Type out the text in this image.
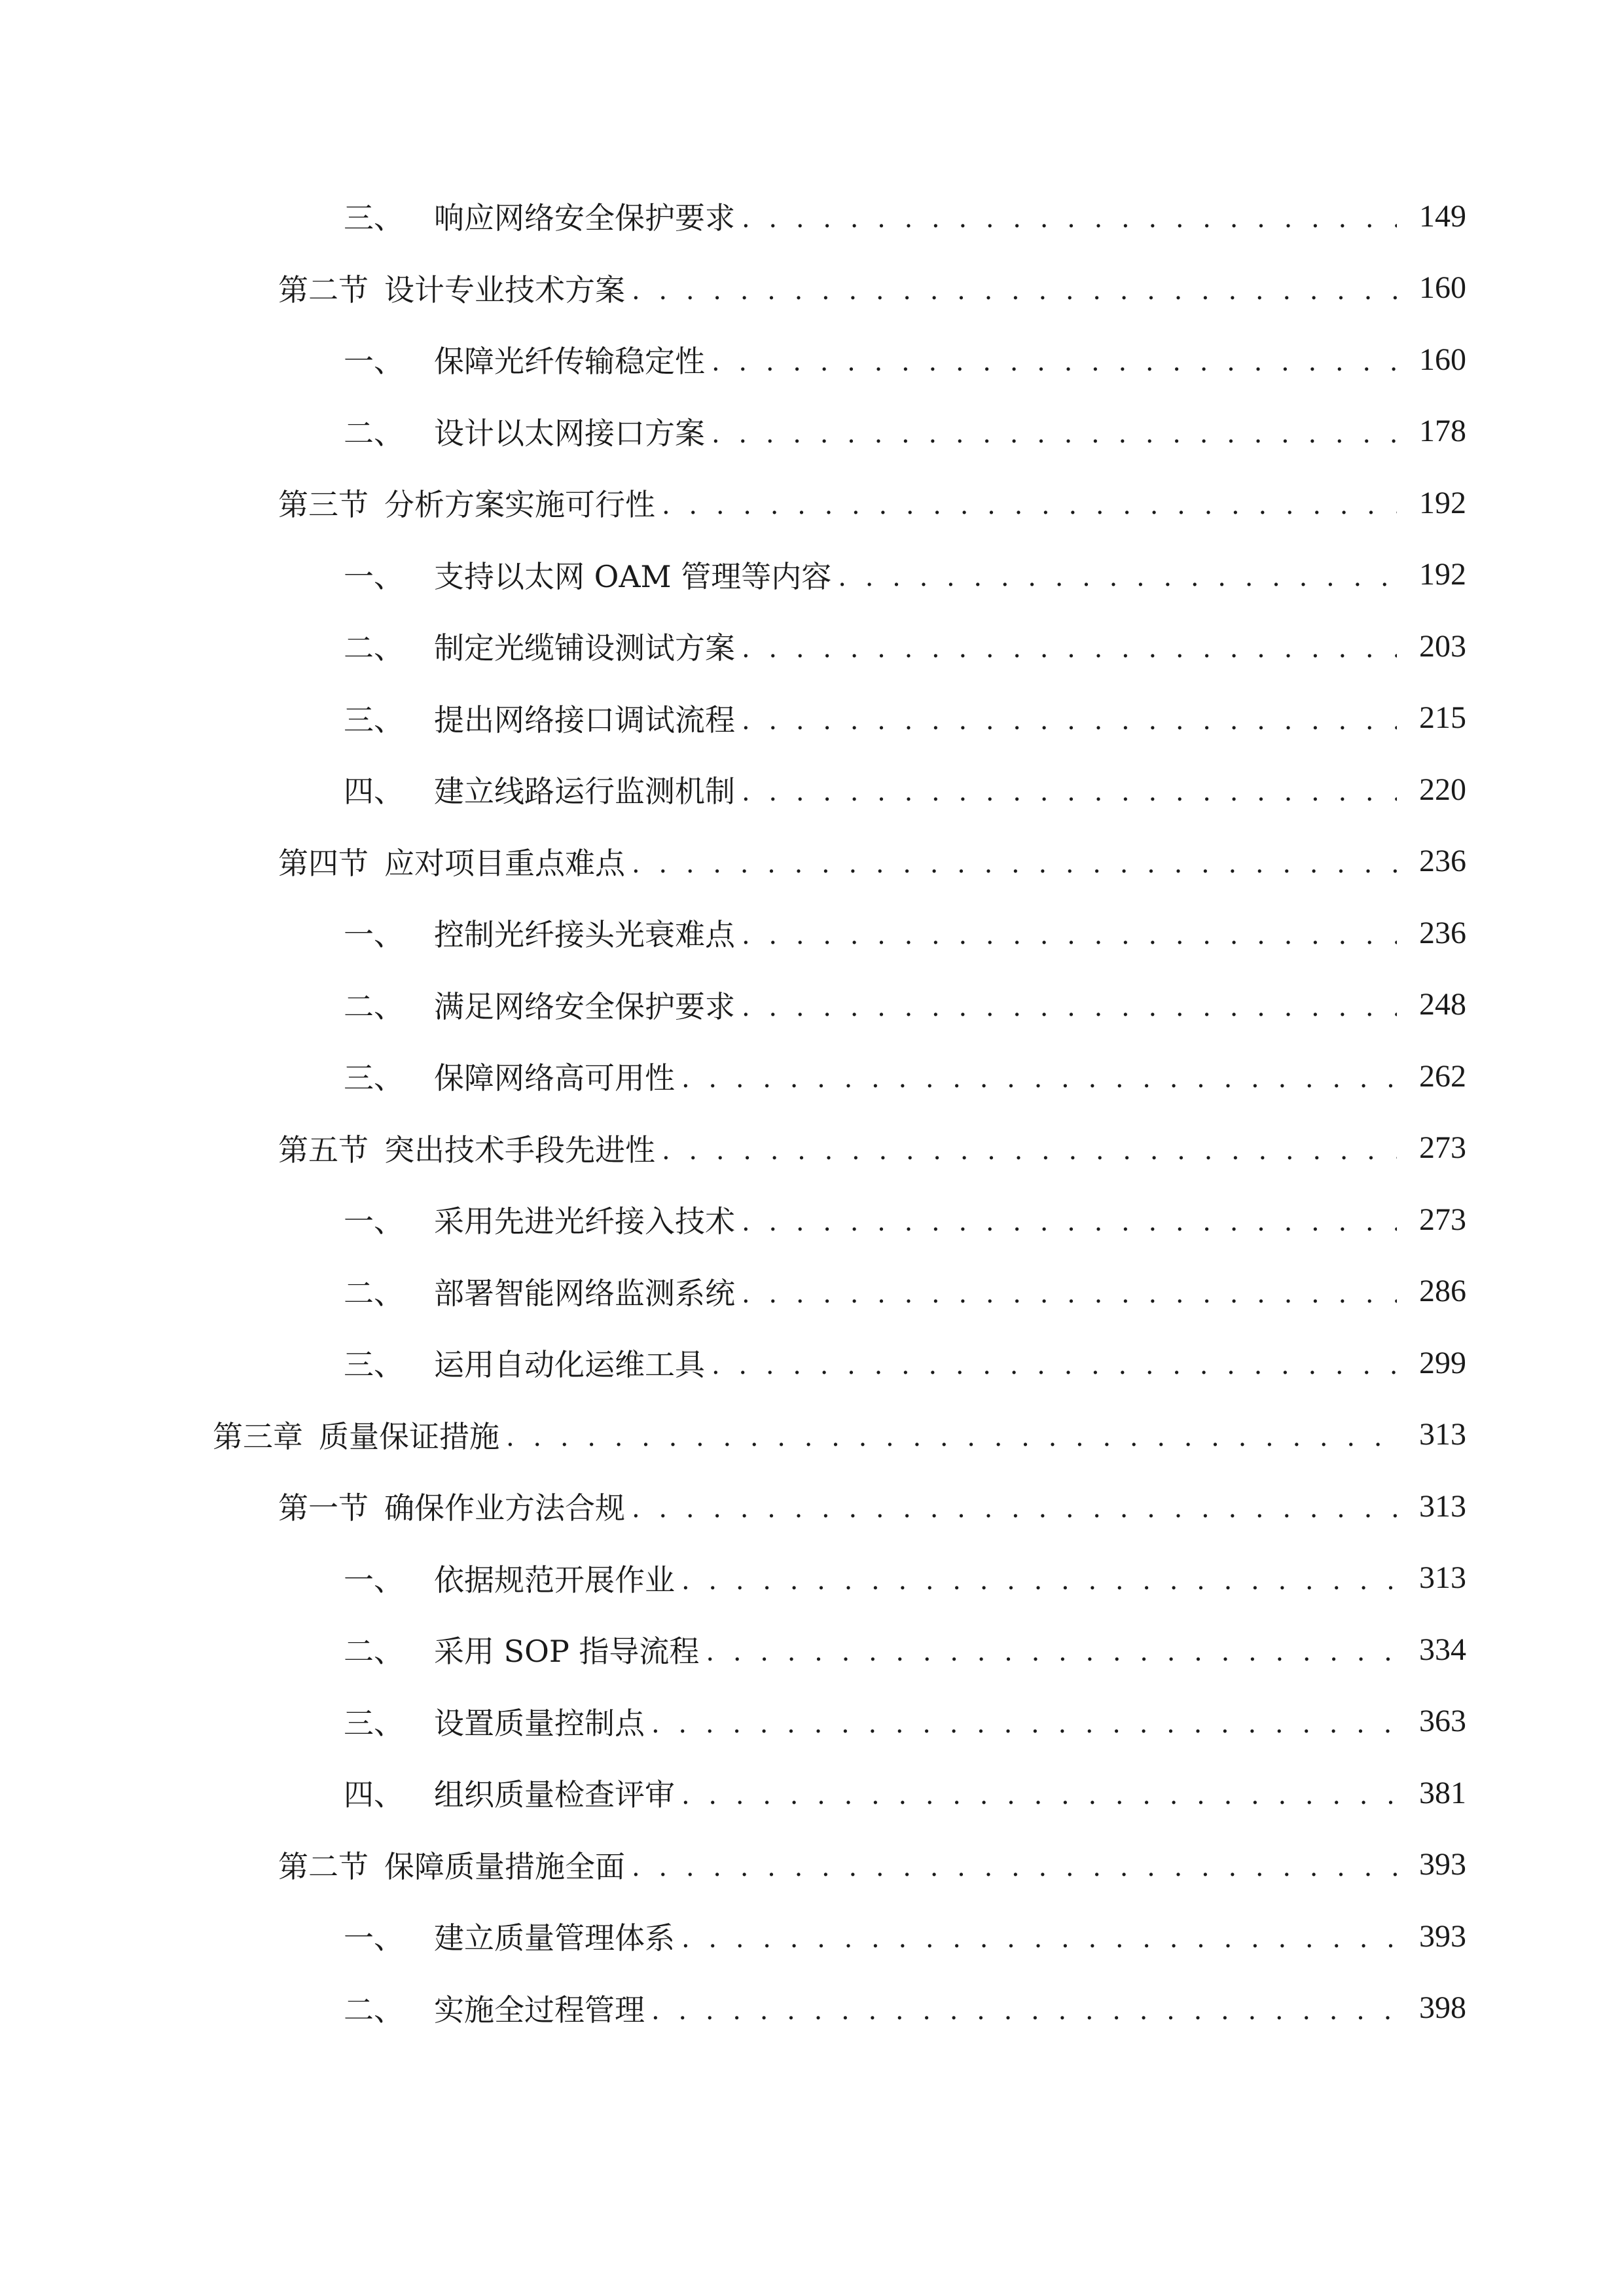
三、 响应网络安全保护要求 . . .	149
第二节 设计专业技术方案 . . .	160
一、 保障光纤传输稳定性 . . .	160
二、 设计以太网接口方案 . . .	178
第三节 分析方案实施可行性 . . .	192
一、 支持以太网 OAM 管理等内容 . . .	192
二、 制定光缆铺设测试方案 . . .	203
三、 提出网络接口调试流程 . . .	215
四、 建立线路运行监测机制 . . .	220
第四节 应对项目重点难点 . . .	236
一、 控制光纤接头光衰难点 . . .	236
二、 满足网络安全保护要求 . . .	248
三、 保障网络高可用性 . . .	262
第五节 突出技术手段先进性 . . .	273
一、 采用先进光纤接入技术 . . .	273
二、 部署智能网络监测系统 . . .	286
三、 运用自动化运维工具 . . .	299
第三章 质量保证措施 . . .	313
第一节 确保作业方法合规 . . .	313
一、 依据规范开展作业 . . .	313
二、 采用 SOP 指导流程 . . .	334
三、 设置质量控制点 . . .	363
四、 组织质量检查评审 . . .	381
第二节 保障质量措施全面 . . .	393
一、 建立质量管理体系 . . .	393
二、 实施全过程管理 . . .	398
